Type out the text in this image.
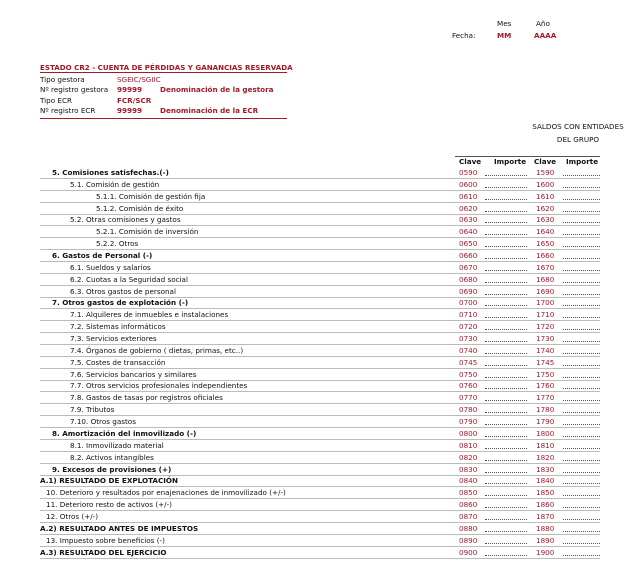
Mes	Año
Fecha:	MM	AAAA
ESTADO CR2 - CUENTA DE PÉRDIDAS Y GANANCIAS RESERVADA
Tipo gestora	SGEIC/SGIIC
Nº registro gestora 99999 Denominación de la gestora
Tipo ECR	FCR/SCR
Nº registro ECR	99999 Denominación de la ECR
SALDOS CON ENTIDADES DEL GRUPO
Clave Importe Clave Importe
5. Comisiones satisfechas.(-)	0590	1590
5.1. Comisión de gestión	0600	1600
5.1.1. Comisión de gestión fija	0610	1610
5.1.2. Comisión de éxito	0620	1620
5.2. Otras comisiones y gastos	0630	1630
5.2.1. Comisión de inversión	0640	1640
5.2.2. Otros	0650	1650
6. Gastos de Personal (-)	0660	1660
6.1. Sueldos y salarios	0670	1670
6.2. Cuotas a la Seguridad social	0680	1680
6.3. Otros gastos de personal	0690	1690
7. Otros gastos de explotación (-)	0700	1700
7.1. Alquileres de inmuebles e instalaciones	0710	1710
7.2. Sistemas informáticos	0720	1720
7.3. Servicios exteriores	0730	1730
7.4. Órganos de gobierno ( dietas, primas, etc..)	0740	1740
7.5. Costes de transacción	0745	1745
7.6. Servicios bancarios y similares	0750	1750
7.7. Otros servicios profesionales independientes	0760	1760
7.8. Gastos de tasas por registros oficiales	0770	1770
7.9. Tributos	0780	1780
7.10. Otros gastos	0790	1790
8. Amortización del inmovilizado (-)	0800	1800
8.1. Inmovilizado material	0810	1810
8.2. Activos intangibles	0820	1820
9. Excesos de provisiones (+)	0830	1830
A.1) RESULTADO DE EXPLOTACIÓN	0840	1840
10. Deterioro y resultados por enajenaciones de inmovilizado (+/-)	0850	1850
11. Deterioro resto de activos (+/-)	0860	1860
12. Otros (+/-)	0870	1870
A.2) RESULTADO ANTES DE IMPUESTOS	0880	1880
13. Impuesto sobre beneficios (-)	0890	1890
A.3) RESULTADO DEL EJERCICIO	0900	1900
